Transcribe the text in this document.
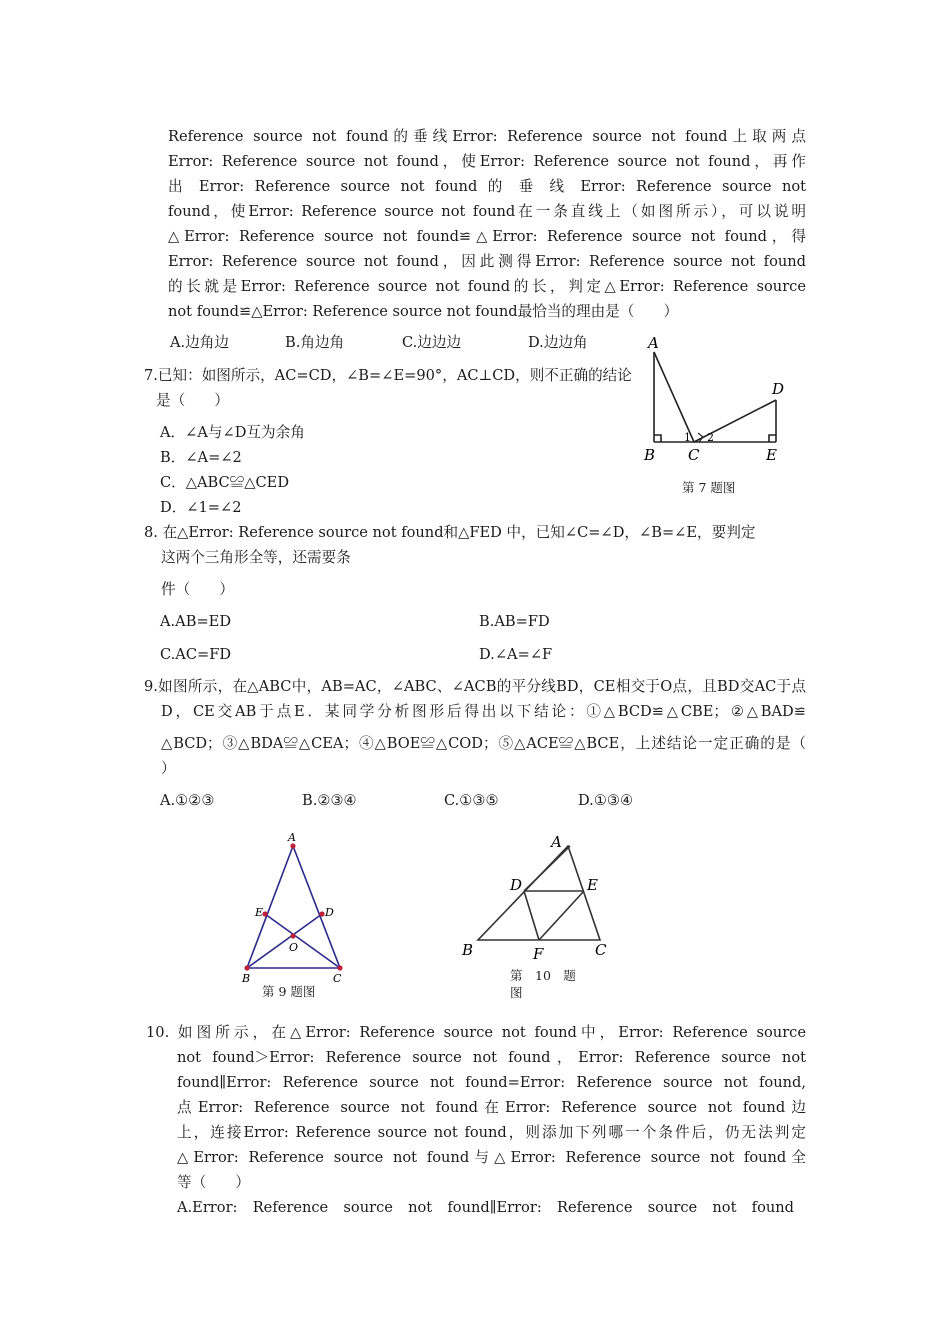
Reference source not found的垂线Error: Reference source not found上取两点
Error: Reference source not found，使Error: Reference source not found，再作
出 Error: Reference source not found 的 垂 线 Error: Reference source not
found，使Error: Reference source not found在一条直线上（如图所示），可以说明
△Error: Reference source not found≌△Error: Reference source not found，得
Error: Reference source not found，因此测得Error: Reference source not found
的长就是Error: Reference source not found的长，判定△Error: Reference source
not found≌△Error: Reference source not found最恰当的理由是（　　）
A.边角边	B.角边角	C.边边边	D.边边角
7.已知：如图所示，AC=CD，∠B=∠E=90°，AC⊥CD，则不正确的结论
是（　　）
A．∠A与∠D互为余角
B．∠A=∠2
C．△ABC≌△CED
D．∠1=∠2
A
B C
D
E
1 2
第 7 题图
8. 在△Error: Reference source not found和△FED 中，已知∠C=∠D，∠B=∠E，要判定
这两个三角形全等，还需要条
件（　　）
A.AB=ED	B.AB=FD
C.AC=FD	D.∠A=∠F
9.如图所示，在△ABC中，AB=AC，∠ABC、∠ACB的平分线BD，CE相交于O点，且BD交AC于点
D，CE交AB于点E．某同学分析图形后得出以下结论：①△BCD≌△CBE；②△BAD≌
△BCD；③△BDA≌△CEA；④△BOE≌△COD；⑤△ACE≌△BCE，上述结论一定正确的是（
）
A.①②③	B.②③④	C.①③⑤	D.①③④
A
B	C
D
E
O
第 9 题图
A
B	C
D	E
F
第　10　题
图
10. 如图所示，在△Error: Reference source not found中，Error: Reference source
not found＞Error: Reference source not found，Error: Reference source not
found∥Error: Reference source not found=Error: Reference source not found,
点Error: Reference source not found在Error: Reference source not found边
上，连接Error: Reference source not found，则添加下列哪一个条件后，仍无法判定
△Error: Reference source not found与△Error: Reference source not found全
等（　　）
A.Error: Reference source not found∥Error: Reference source not found
